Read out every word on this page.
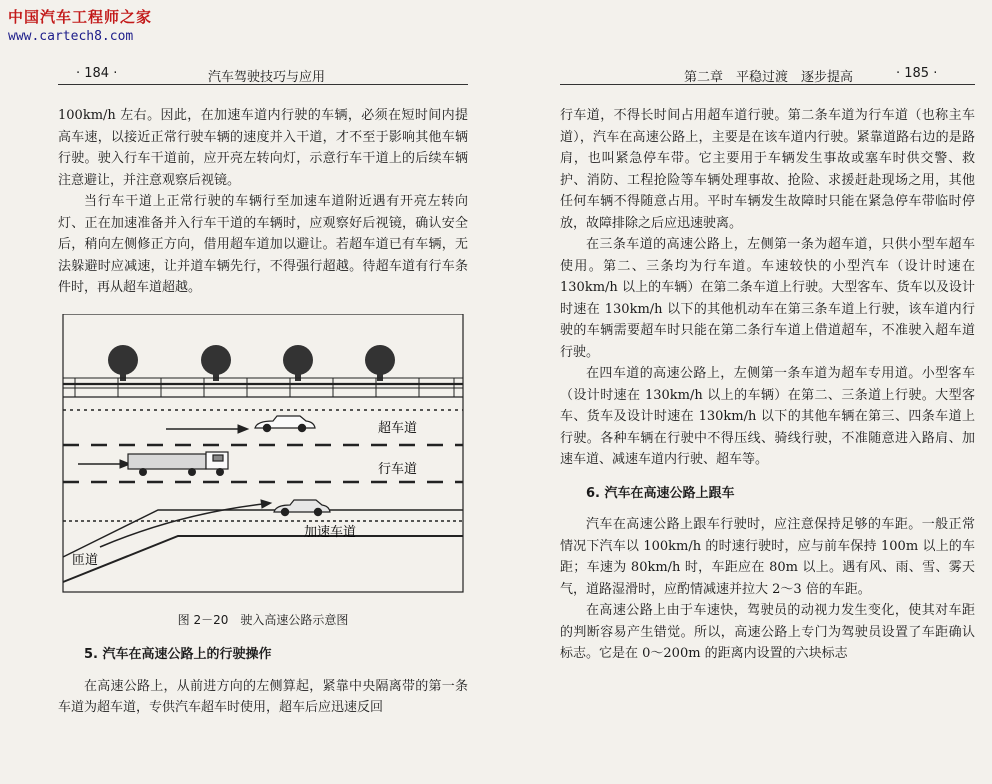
中国汽车工程师之家
www.cartech8.com
· 184 ·	汽车驾驶技巧与应用

100km/h 左右。因此，在加速车道内行驶的车辆，必须在短时间内提高车速，以接近正常行驶车辆的速度并入干道，才不至于影响其他车辆行驶。驶入行车干道前，应开亮左转向灯，示意行车干道上的后续车辆注意避让，并注意观察后视镜。

当行车干道上正常行驶的车辆行至加速车道附近遇有开亮左转向灯、正在加速准备并入行车干道的车辆时，应观察好后视镜，确认安全后，稍向左侧修正方向，借用超车道加以避让。若超车道已有车辆，无法躲避时应减速，让并道车辆先行，不得强行超越。待超车道有行车条件时，再从超车道超越。

超车道
行车道
加速车道
匝道
图 2－20　驶入高速公路示意图

5. 汽车在高速公路上的行驶操作

在高速公路上，从前进方向的左侧算起，紧靠中央隔离带的第一条车道为超车道，专供汽车超车时使用，超车后应迅速反回

第二章　平稳过渡　逐步提高	· 185 ·

行车道，不得长时间占用超车道行驶。第二条车道为行车道（也称主车道），汽车在高速公路上，主要是在该车道内行驶。紧靠道路右边的是路肩，也叫紧急停车带。它主要用于车辆发生事故或塞车时供交警、救护、消防、工程抢险等车辆处理事故、抢险、求援赶赴现场之用，其他任何车辆不得随意占用。平时车辆发生故障时只能在紧急停车带临时停放，故障排除之后应迅速驶离。

在三条车道的高速公路上，左侧第一条为超车道，只供小型车超车使用。第二、三条均为行车道。车速较快的小型汽车（设计时速在 130km/h 以上的车辆）在第二条车道上行驶。大型客车、货车以及设计时速在 130km/h 以下的其他机动车在第三条车道上行驶，该车道内行驶的车辆需要超车时只能在第二条行车道上借道超车，不准驶入超车道行驶。

在四车道的高速公路上，左侧第一条车道为超车专用道。小型客车（设计时速在 130km/h 以上的车辆）在第二、三条道上行驶。大型客车、货车及设计时速在 130km/h 以下的其他车辆在第三、四条车道上行驶。各种车辆在行驶中不得压线、骑线行驶，不准随意进入路肩、加速车道、减速车道内行驶、超车等。

6. 汽车在高速公路上跟车

汽车在高速公路上跟车行驶时，应注意保持足够的车距。一般正常情况下汽车以 100km/h 的时速行驶时，应与前车保持 100m 以上的车距；车速为 80km/h 时，车距应在 80m 以上。遇有风、雨、雪、雾天气，道路湿滑时，应酌情减速并拉大 2～3 倍的车距。

在高速公路上由于车速快，驾驶员的动视力发生变化，使其对车距的判断容易产生错觉。所以，高速公路上专门为驾驶员设置了车距确认标志。它是在 0～200m 的距离内设置的六块标志
